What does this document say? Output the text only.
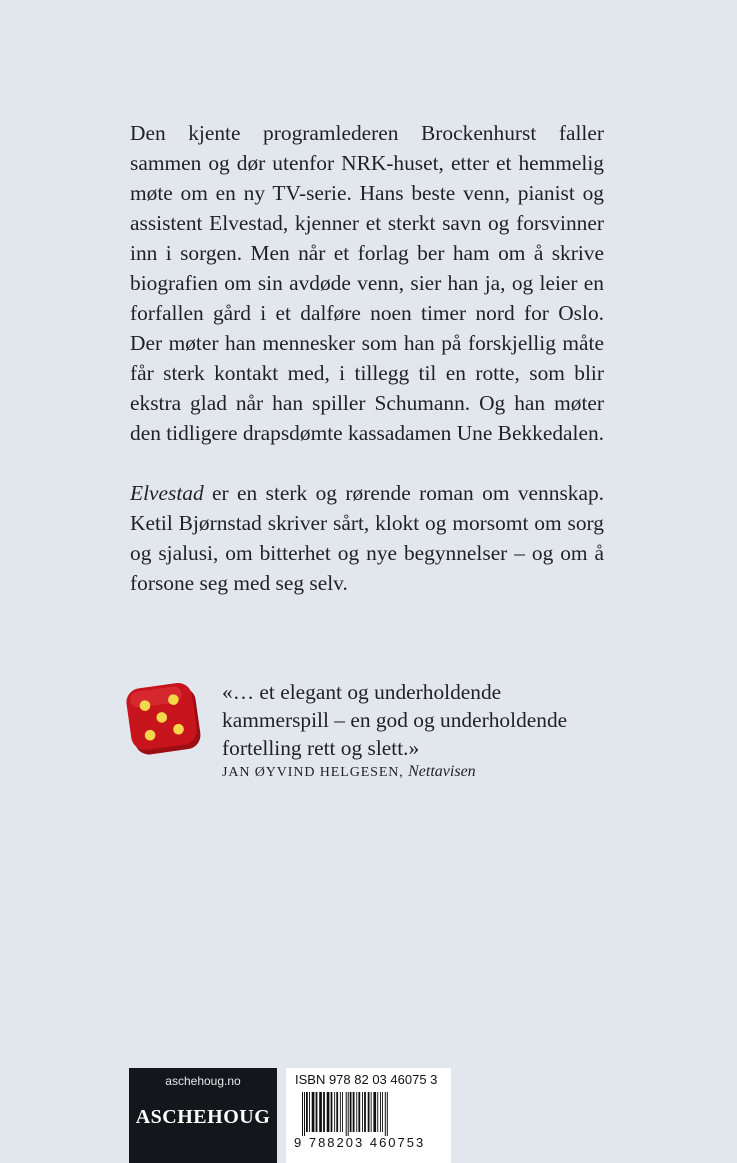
Den kjente programlederen Brockenhurst faller sammen og dør utenfor NRK-huset, etter et hemmelig møte om en ny TV-serie. Hans beste venn, pianist og assistent Elvestad, kjenner et sterkt savn og forsvinner inn i sorgen. Men når et forlag ber ham om å skrive biografien om sin avdøde venn, sier han ja, og leier en forfallen gård i et dalføre noen timer nord for Oslo. Der møter han mennesker som han på forskjellig måte får sterk kontakt med, i tillegg til en rotte, som blir ekstra glad når han spiller Schumann. Og han møter den tidligere drapsdømte kassadamen Une Bekkedalen.

Elvestad er en sterk og rørende roman om vennskap. Ketil Bjørnstad skriver sårt, klokt og morsomt om sorg og sjalusi, om bitterhet og nye begynnelser – og om å forsone seg med seg selv.

«… et elegant og underholdende
kammerspill – en god og underholdende
fortelling rett og slett.»

JAN ØYVIND HELGESEN, Nettavisen
aschehoug.no
ASCHEHOUG
ISBN 978 82 03 46075 3
9 788203 460753
